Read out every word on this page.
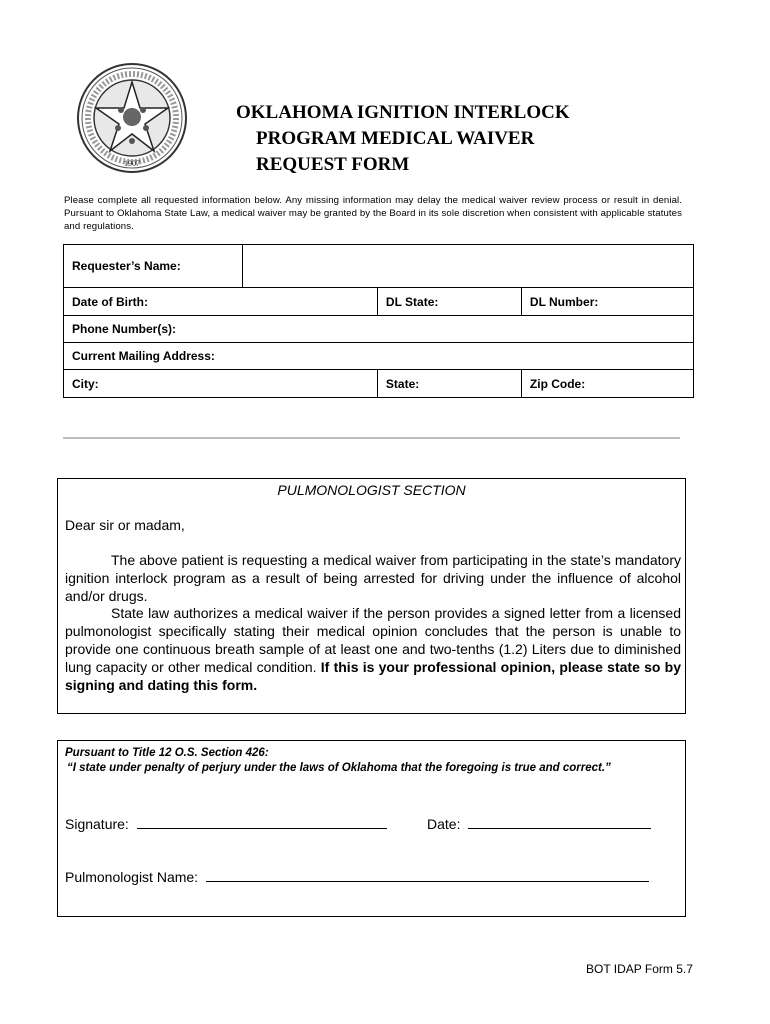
1907
OKLAHOMA IGNITION INTERLOCK
PROGRAM MEDICAL WAIVER
REQUEST FORM
Please complete all requested information below. Any missing information may delay the medical waiver review process or result in denial. Pursuant to Oklahoma State Law, a medical waiver may be granted by the Board in its sole discretion when consistent with applicable statutes and regulations.
Requester’s Name:			
Date of Birth:		DL State:	DL Number:
Phone Number(s):			
Current Mailing Address:			
City:		State:	Zip Code:
PULMONOLOGIST SECTION
Dear sir or madam,

The above patient is requesting a medical waiver from participating in the state’s mandatory ignition interlock program as a result of being arrested for driving under the influence of alcohol and/or drugs.

State law authorizes a medical waiver if the person provides a signed letter from a licensed pulmonologist specifically stating their medical opinion concludes that the person is unable to provide one continuous breath sample of at least one and two-tenths (1.2) Liters due to diminished lung capacity or other medical condition. If this is your professional opinion, please state so by signing and dating this form.

Pursuant to Title 12 O.S. Section 426:
“I state under penalty of perjury under the laws of Oklahoma that the foregoing is true and correct.”
Signature:	Date:
Pulmonologist Name:
BOT IDAP Form 5.7
